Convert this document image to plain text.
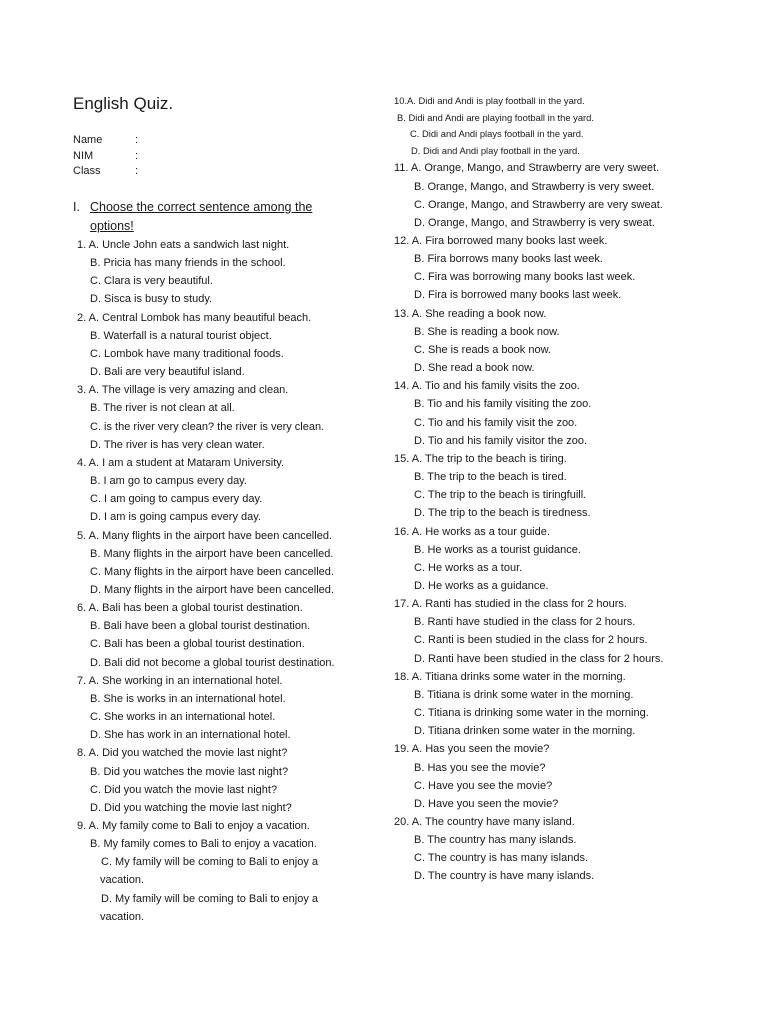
English Quiz.
Name	:
NIM	:
Class	:
I. Choose the correct sentence among the options!
1. A. Uncle John eats a sandwich last night.
B. Pricia has many friends in the school.
C. Clara is very beautiful.
D. Sisca is busy to study.
2. A. Central Lombok has many beautiful beach.
B. Waterfall is a natural tourist object.
C. Lombok have many traditional foods.
D. Bali are very beautiful island.
3. A. The village is very amazing and clean.
B. The river is not clean at all.
C. is the river very clean? the river is very clean.
D. The river is has very clean water.
4. A. I am a student at Mataram University.
B. I am go to campus every day.
C. I am going to campus every day.
D. I am is going campus every day.
5. A. Many flights in the airport have been cancelled.
B. Many flights in the airport have been cancelled.
C. Many flights in the airport have been cancelled.
D. Many flights in the airport have been cancelled.
6. A. Bali has been a global tourist destination.
B. Bali have been a global tourist destination.
C. Bali has been a global tourist destination.
D. Bali did not become a global tourist destination.
7. A. She working in an international hotel.
B. She is works in an international hotel.
C. She works in an international hotel.
D. She has work in an international hotel.
8. A. Did you watched the movie last night?
B. Did you watches the movie last night?
C. Did you watch the movie last night?
D. Did you watching the movie last night?
9. A. My family come to Bali to enjoy a vacation.
B. My family comes to Bali to enjoy a vacation.
C. My family will be coming to Bali to enjoy a
vacation.
D. My family will be coming to Bali to enjoy a
vacation.
10.A. Didi and Andi is play football in the yard.
B. Didi and Andi are playing football in the yard.
C. Didi and Andi plays football in the yard.
D. Didi and Andi play football in the yard.
11. A. Orange, Mango, and Strawberry are very sweet.
B. Orange, Mango, and Strawberry is very sweet.
C. Orange, Mango, and Strawberry are very sweat.
D. Orange, Mango, and Strawberry is very sweat.
12. A. Fira borrowed many books last week.
B. Fira borrows many books last week.
C. Fira was borrowing many books last week.
D. Fira is borrowed many books last week.
13. A. She reading a book now.
B. She is reading a book now.
C. She is reads a book now.
D. She read a book now.
14. A. Tio and his family visits the zoo.
B. Tio and his family visiting the zoo.
C. Tio and his family visit the zoo.
D. Tio and his family visitor the zoo.
15. A. The trip to the beach is tiring.
B. The trip to the beach is tired.
C. The trip to the beach is tiringfuill.
D. The trip to the beach is tiredness.
16. A. He works as a tour guide.
B. He works as a tourist guidance.
C. He works as a tour.
D. He works as a guidance.
17. A. Ranti has studied in the class for 2 hours.
B. Ranti have studied in the class for 2 hours.
C. Ranti is been studied in the class for 2 hours.
D. Ranti have been studied in the class for 2 hours.
18. A. Titiana drinks some water in the morning.
B. Titiana is drink some water in the morning.
C. Titiana is drinking some water in the morning.
D. Titiana drinken some water in the morning.
19. A. Has you seen the movie?
B. Has you see the movie?
C. Have you see the movie?
D. Have you seen the movie?
20. A. The country have many island.
B. The country has many islands.
C. The country is has many islands.
D. The country is have many islands.
